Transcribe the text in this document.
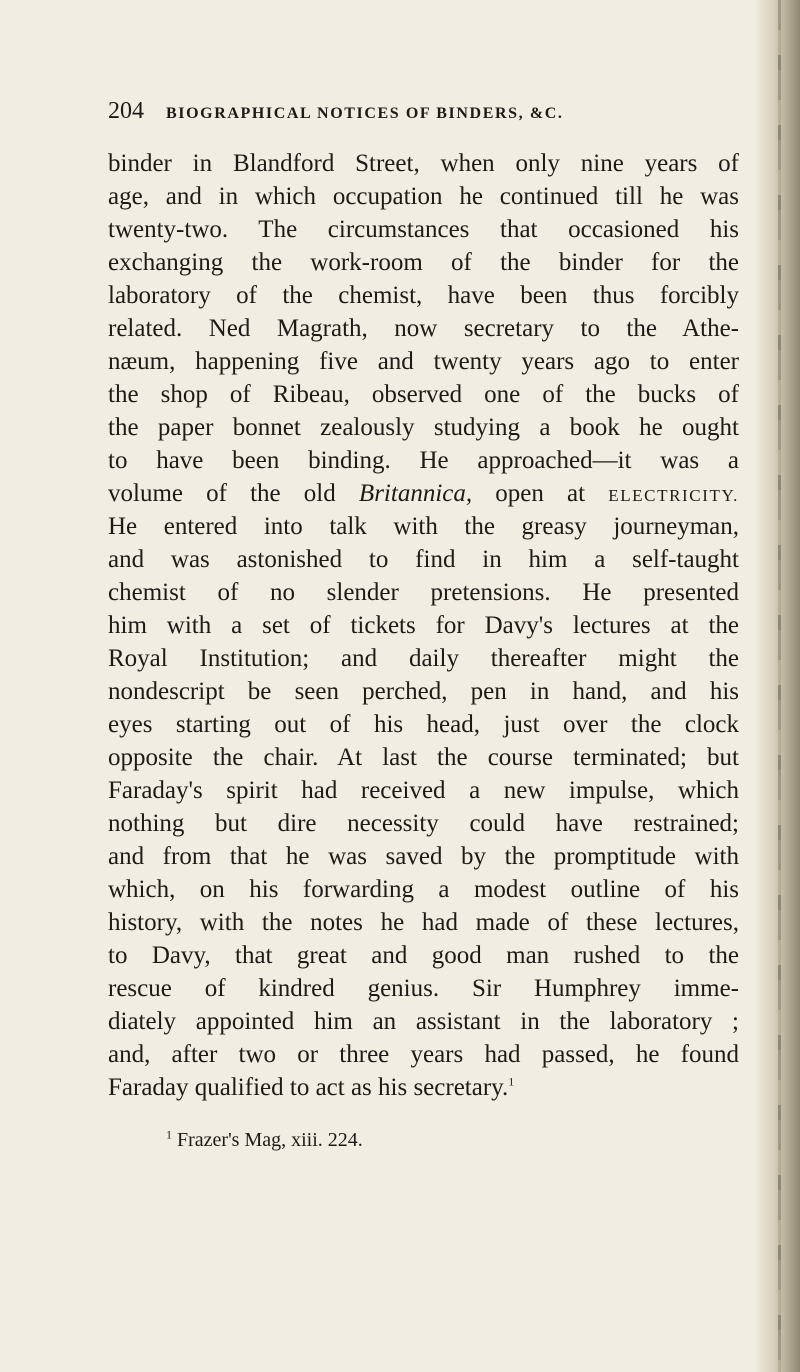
204 BIOGRAPHICAL NOTICES OF BINDERS, &C.
binder in Blandford Street, when only nine years of
age, and in which occupation he continued till he was
twenty-two. The circumstances that occasioned his
exchanging the work-room of the binder for the
laboratory of the chemist, have been thus forcibly
related. Ned Magrath, now secretary to the Athe-
næum, happening five and twenty years ago to enter
the shop of Ribeau, observed one of the bucks of
the paper bonnet zealously studying a book he ought
to have been binding. He approached—it was a
volume of the old Britannica, open at ELECTRICITY.
He entered into talk with the greasy journeyman,
and was astonished to find in him a self-taught
chemist of no slender pretensions. He presented
him with a set of tickets for Davy's lectures at the
Royal Institution; and daily thereafter might the
nondescript be seen perched, pen in hand, and his
eyes starting out of his head, just over the clock
opposite the chair. At last the course terminated; but
Faraday's spirit had received a new impulse, which
nothing but dire necessity could have restrained;
and from that he was saved by the promptitude with
which, on his forwarding a modest outline of his
history, with the notes he had made of these lectures,
to Davy, that great and good man rushed to the
rescue of kindred genius. Sir Humphrey imme-
diately appointed him an assistant in the laboratory ;
and, after two or three years had passed, he found
Faraday qualified to act as his secretary.$^1$
$^1$ Frazer's Mag, xiii. 224.
